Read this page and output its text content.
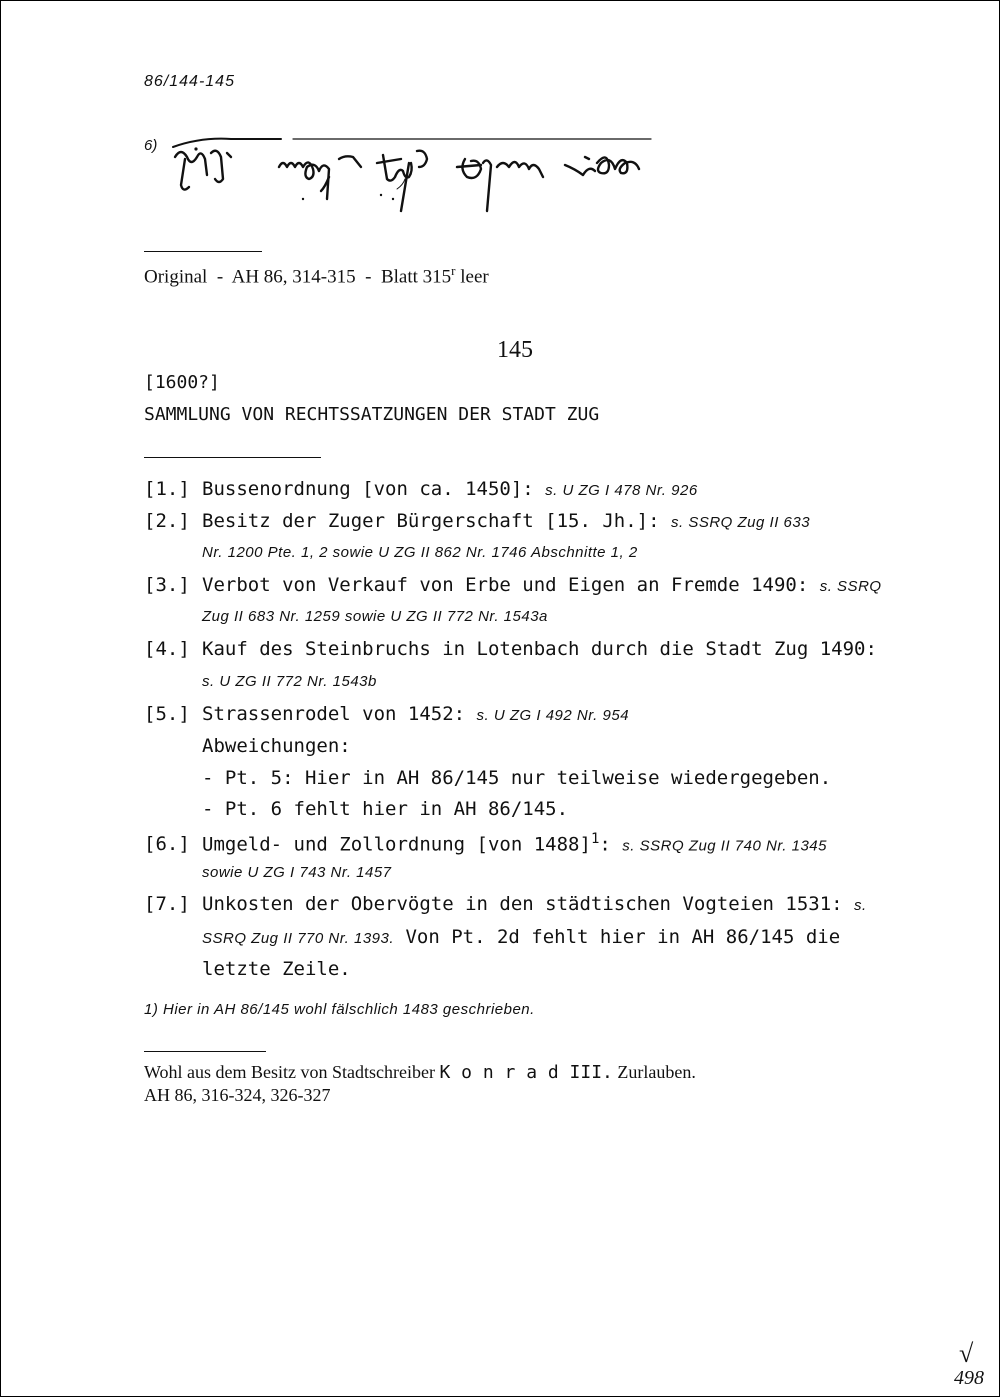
86/144-145
6)
Original  -  AH 86, 314-315  -  Blatt 315$^r$ leer
145
[1600?]
SAMMLUNG VON RECHTSSATZUNGEN DER STADT ZUG
[1.] Bussenordnung [von ca. 1450]: s. U ZG I 478 Nr. 926
[2.] Besitz der Zuger Bürgerschaft [15. Jh.]: s. SSRQ Zug II 633
Nr. 1200 Pte. 1, 2 sowie U ZG II 862 Nr. 1746 Abschnitte 1, 2
[3.] Verbot von Verkauf von Erbe und Eigen an Fremde 1490: s. SSRQ
Zug II 683 Nr. 1259 sowie U ZG II 772 Nr. 1543a
[4.] Kauf des Steinbruchs in Lotenbach durch die Stadt Zug 1490:
s. U ZG II 772 Nr. 1543b
[5.] Strassenrodel von 1452: s. U ZG I 492 Nr. 954
Abweichungen:
- Pt. 5: Hier in AH 86/145 nur teilweise wiedergegeben.
- Pt. 6 fehlt hier in AH 86/145.
[6.] Umgeld- und Zollordnung [von 1488]$^1$: s. SSRQ Zug II 740 Nr. 1345
sowie U ZG I 743 Nr. 1457
[7.] Unkosten der Obervögte in den städtischen Vogteien 1531: s.
SSRQ Zug II 770 Nr. 1393. Von Pt. 2d fehlt hier in AH 86/145 die
letzte Zeile.
1) Hier in AH 86/145 wohl fälschlich 1483 geschrieben.
Wohl aus dem Besitz von Stadtschreiber K o n r a d III. Zurlauben.
AH 86, 316-324, 326-327
√
498
